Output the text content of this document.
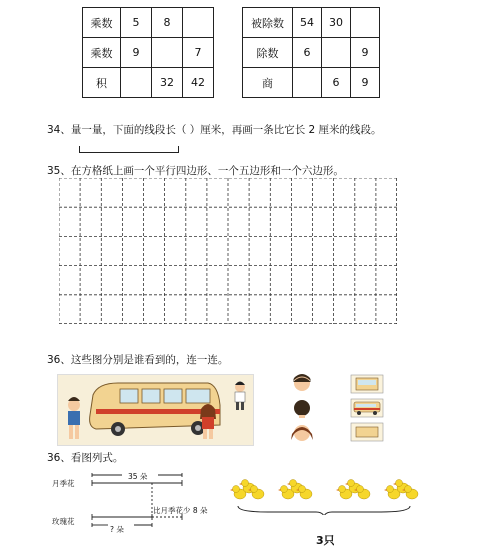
乘数	5	8	
乘数	9		7
积		32	42
被除数	54	30	
除数	6		9
商		6	9
34、量一量，下面的线段长（ ）厘米，再画一条比它长 2 厘米的线段。
35、在方格纸上画一个平行四边形、一个五边形和一个六边形。
36、这些图分别是谁看到的，连一连。
36、看图列式。
月季花
玫瑰花
35 朵
比月季花少 8 朵
? 朵
3只
